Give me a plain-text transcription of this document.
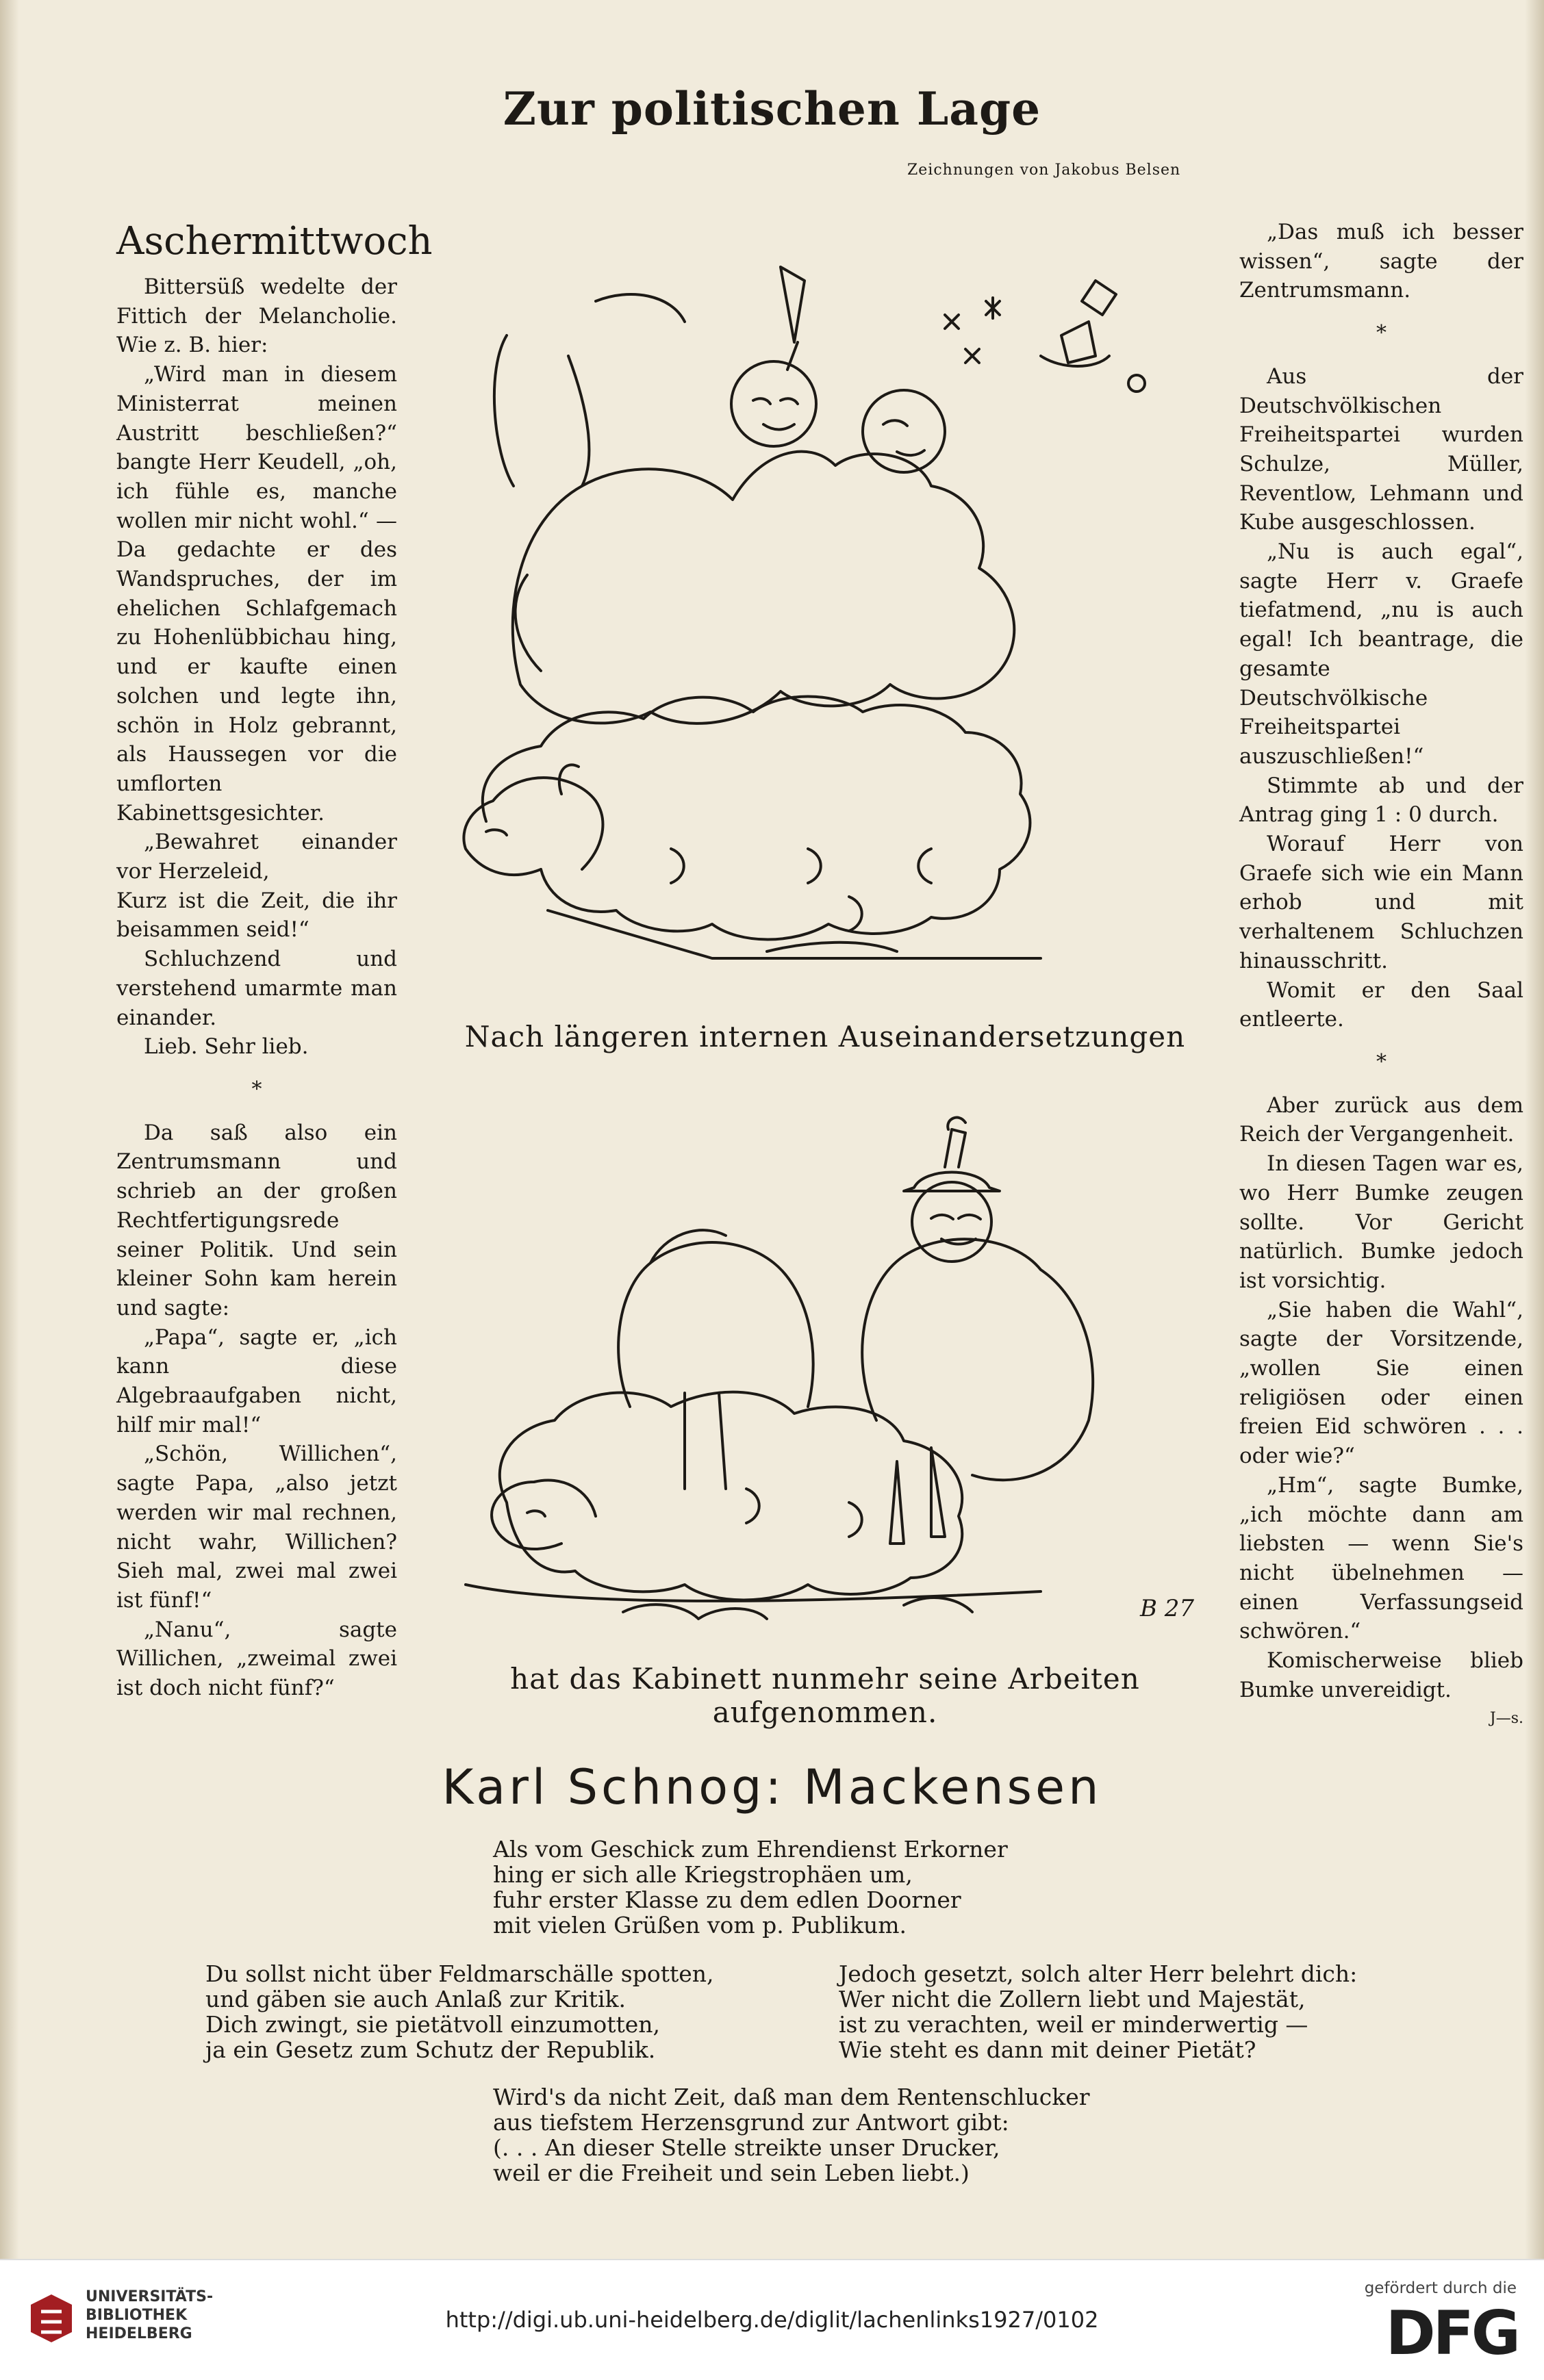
Zur politischen Lage
Zeichnungen von Jakobus Belsen
Aschermittwoch

Bittersüß wedelte der Fittich der Melancholie. Wie z. B. hier:

„Wird man in diesem Ministerrat meinen Austritt beschließen?“ bangte Herr Keudell, „oh, ich fühle es, manche wollen mir nicht wohl.“ — Da gedachte er des Wandspruches, der im ehelichen Schlafgemach zu Hohenlübbichau hing, und er kaufte einen solchen und legte ihn, schön in Holz gebrannt, als Haussegen vor die umflorten Kabinettsgesichter.

„Bewahret einander vor Herzeleid,
Kurz ist die Zeit, die ihr beisammen seid!“

Schluchzend und verstehend umarmte man einander.

Lieb. Sehr lieb.

*

Da saß also ein Zentrumsmann und schrieb an der großen Rechtfertigungsrede seiner Politik. Und sein kleiner Sohn kam herein und sagte:

„Papa“, sagte er, „ich kann diese Algebraaufgaben nicht, hilf mir mal!“

„Schön, Willichen“, sagte Papa, „also jetzt werden wir mal rechnen, nicht wahr, Willichen? Sieh mal, zwei mal zwei ist fünf!“

„Nanu“, sagte Willichen, „zweimal zwei ist doch nicht fünf?“

„Das muß ich besser wissen“, sagte der Zentrumsmann.

*

Aus der Deutschvölkischen Freiheitspartei wurden Schulze, Müller, Reventlow, Lehmann und Kube ausgeschlossen.

„Nu is auch egal“, sagte Herr v. Graefe tiefatmend, „nu is auch egal! Ich beantrage, die gesamte Deutschvölkische Freiheitspartei auszuschließen!“

Stimmte ab und der Antrag ging 1 : 0 durch.

Worauf Herr von Graefe sich wie ein Mann erhob und mit verhaltenem Schluchzen hinausschritt.

Womit er den Saal entleerte.

*

Aber zurück aus dem Reich der Vergangenheit.

In diesen Tagen war es, wo Herr Bumke zeugen sollte. Vor Gericht natürlich. Bumke jedoch ist vorsichtig.

„Sie haben die Wahl“, sagte der Vorsitzende, „wollen Sie einen religiösen oder einen freien Eid schwören . . . oder wie?“

„Hm“, sagte Bumke, „ich möchte dann am liebsten — wenn Sie's nicht übelnehmen — einen Verfassungseid schwören.“

Komischerweise blieb Bumke unvereidigt.

J—s.
Nach längeren internen Auseinandersetzungen
B 27
hat das Kabinett nunmehr seine Arbeiten aufgenommen.
Karl Schnog: Mackensen
Als vom Geschick zum Ehrendienst Erkorner
hing er sich alle Kriegstrophäen um,
fuhr erster Klasse zu dem edlen Doorner
mit vielen Grüßen vom p. Publikum.
Du sollst nicht über Feldmarschälle spotten,
und gäben sie auch Anlaß zur Kritik.
Dich zwingt, sie pietätvoll einzumotten,
ja ein Gesetz zum Schutz der Republik.
Jedoch gesetzt, solch alter Herr belehrt dich:
Wer nicht die Zollern liebt und Majestät,
ist zu verachten, weil er minderwertig —
Wie steht es dann mit deiner Pietät?
Wird's da nicht Zeit, daß man dem Rentenschlucker
aus tiefstem Herzensgrund zur Antwort gibt:
(. . . An dieser Stelle streikte unser Drucker,
weil er die Freiheit und sein Leben liebt.)
UNIVERSITÄTS-
BIBLIOTHEK
HEIDELBERG
http://digi.ub.uni-heidelberg.de/diglit/lachenlinks1927/0102
gefördert durch die
DFG
